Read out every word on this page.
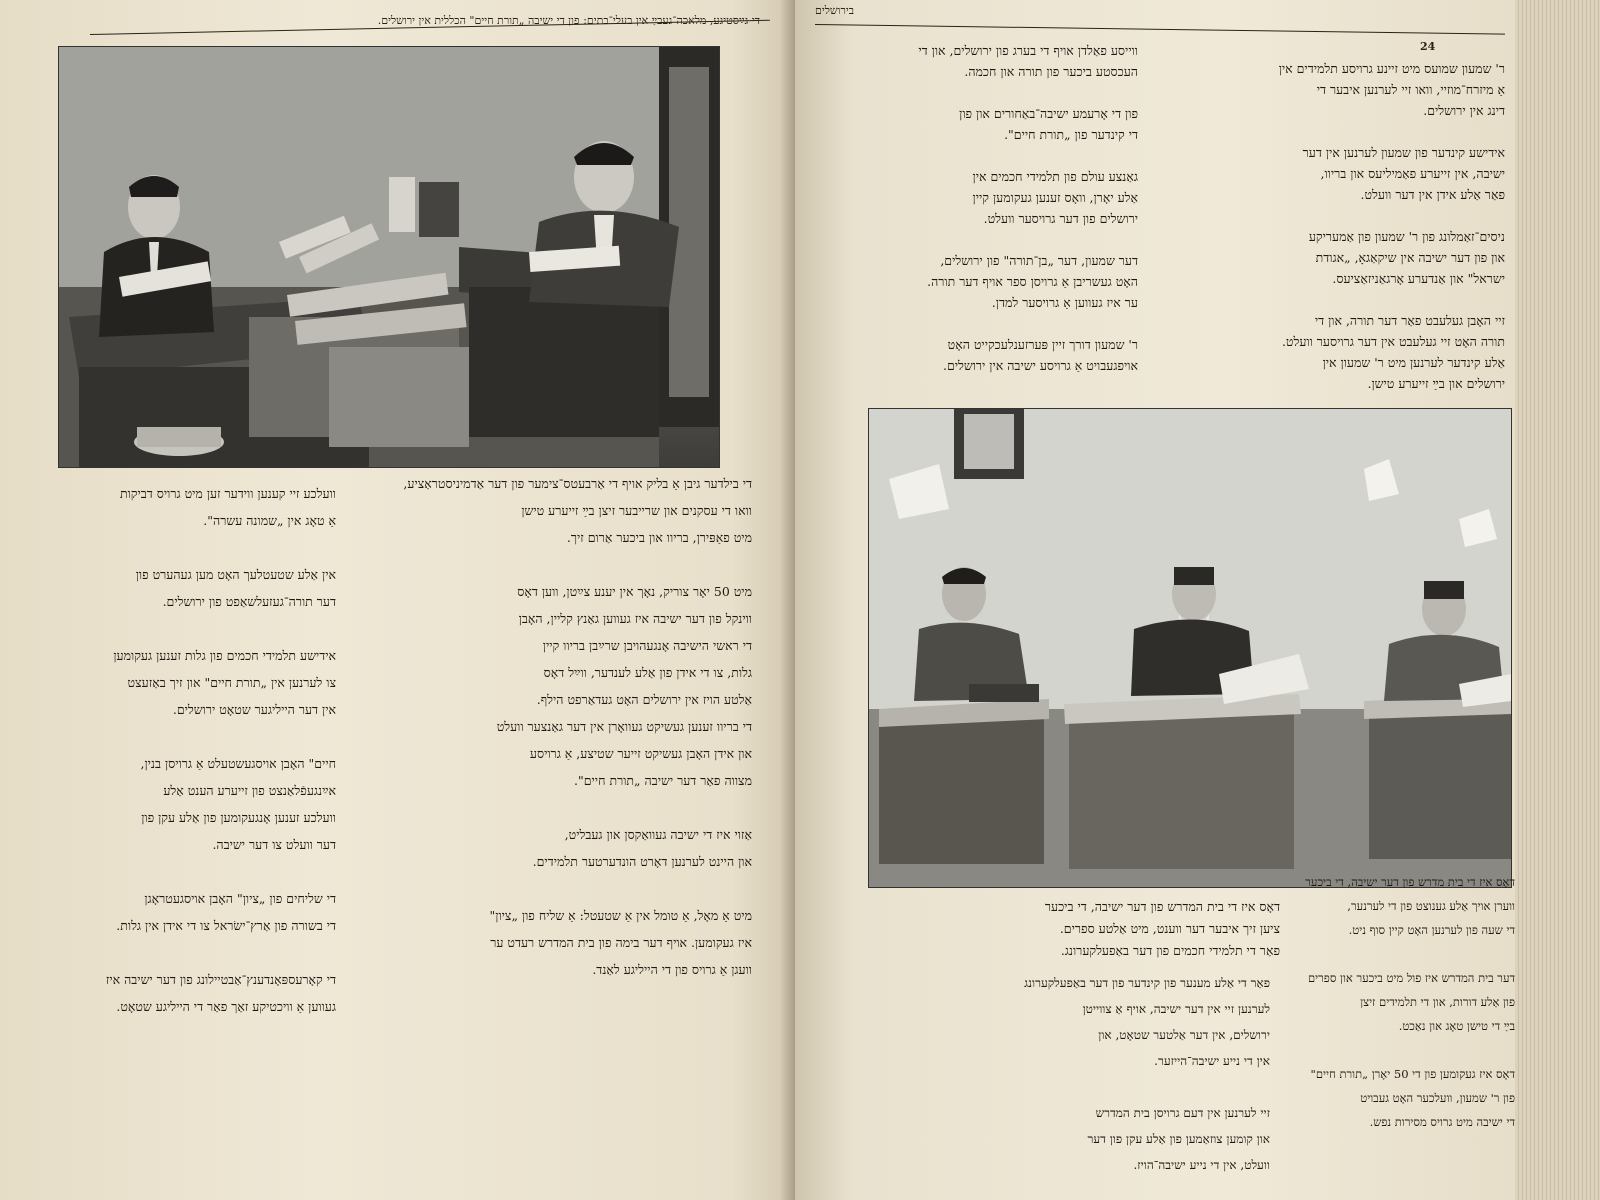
די גײַסטיגע, מלאכה־געבײַ אין בעלי־בתים: פון די ישיבה „תורת חיים" הכללית אין ירושלים.
די בילדער גיבן אַ בליק אויף די אַרבעטס־צימער פון דער אַדמיניסטראַציע,
וואו די עסקנים און שרייבער זיצן בײַ זייערע טישן
מיט פאַפּירן, בריוו און ביכער אַרום זיך.
מיט 50 יאָר צוריק, נאָך אין יענע צײַטן, ווען דאָס
ווינקל פון דער ישיבה איז געווען גאַנץ קליין, האָבן
די ראשי הישיבה אָנגעהויבן שרײַבן בריוו קיין
גלות, צו די אידן פון אַלע לענדער, ווײַל דאָס
אַלטע הויז אין ירושלים האָט געדאַרפט הילף.
די בריוו זענען געשיקט געוואָרן אין דער גאַנצער וועלט
און אידן האָבן געשיקט זייער שטיצע, אַ גרויסע
מצווה פאַר דער ישיבה „תורת חיים".
אַזוי איז די ישיבה געוואַקסן און געבליט,
און היינט לערנען דאָרט הונדערטער תלמידים.
מיט אַ מאָל, אַ טומל אין אַ שטעטל: אַ שליח פון „ציון"
איז געקומען. אויף דער בימה פון בית המדרש רעדט ער
וועגן אַ גרויס פון די הייליגע לאַנד.
וועלכע זיי קענען ווידער זען מיט גרויס דביקות
אַ טאָג אין „שמונה עשרה".
אין אַלע שטעטלעך האָט מען געהערט פון
דער תורה־געזעלשאַפט פון ירושלים.
אידישע תלמידי חכמים פון גלות זענען געקומען
צו לערנען אין „תורת חיים" און זיך באַזעצט
אין דער הייליגער שטאָט ירושלים.
חיים" האָבן אויסגעשטעלט אַ גרויסן בנין,
אײַנגעפֿלאַנצט פון זייערע הענט אַלע
וועלכע זענען אָנגעקומען פון אַלע עקן פון
דער וועלט צו דער ישיבה.
די שליחים פון „ציון" האָבן אויסגעטראָגן
די בשורה פון אַרץ־ישׂראל צו די אידן אין גלות.
די קאָרעספּאָנדענץ־אַבטיילונג פון דער ישיבה איז
געווען אַ וויכטיקע זאַך פאַר די הייליגע שטאָט.
בירושלים
24
ר' שמעון שמועס מיט זיינע גרויסע תלמידים אין
אַ מיזרח־מוזיי, וואו זיי לערנען איבער די
דינג אין ירושלים.
אידישע קינדער פון שמעון לערנען אין דער
ישיבה, אין זייערע פאַמיליעס און בריוו,
פאַר אַלע אידן אין דער וועלט.
ניסים־זאַמלונג פון ר' שמעון פון אַמעריקע
און פון דער ישיבה אין שיקאַגאָ, „אגודת
ישראל" און אַנדערע אָרגאַניזאַציעס.
זיי האָבן געלעבט פאַר דער תורה, און די
תורה האָט זיי געלעבט אין דער גרויסער וועלט.
אַלע קינדער לערנען מיט ר' שמעון אין
ירושלים און בײַ זייערע טישן.
ווייסע פאַלדן אויף די בערג פון ירושלים, און די
העכסטע ביכער פון תורה און חכמה.
פון די אָרעמע ישיבה־באַחורים און פון
די קינדער פון „תורת חיים".
גאַנצע עולם פון תלמידי חכמים אין
אַלע יאָרן, וואָס זענען געקומען קיין
ירושלים פון דער גרויסער וועלט.
דער שמעון, דער „בן־תורה" פון ירושלים,
האָט געשריבן אַ גרויסן ספר אויף דער תורה.
ער איז געווען אַ גרויסער למדן.
ר' שמעון דורך זיין פּערזענלעכקייט האָט
אויפגעבויט אַ גרויסע ישיבה אין ירושלים.
דאָס איז די בית המדרש פון דער ישיבה, די ביכער
ציען זיך איבער דער ווענט, מיט אַלטע ספרים.
פאַר די תלמידי חכמים פון דער באַפעלקערונג.
דאָס איז די בית מדרש פון דער ישיבה, די ביכער
ווערן אויך אַלע גענוצט פון די לערנער,
די שעה פון לערנען האָט קיין סוף ניט.
דער בית המדרש איז פול מיט ביכער און ספרים
פון אַלע דורות, און די תלמידים זיצן
בײַ די טישן טאָג און נאַכט.
דאָס איז געקומען פון די 50 יאָרן „תורת חיים"
פון ר' שמעון, וועלכער האָט געבויט
די ישיבה מיט גרויס מסירות נפש.
פאַר די אַלע מענער פון קינדער פון דער באַפעלקערונג
לערנען זיי אין דער ישיבה, אויף אַ צווייטן
ירושלים, אין דער אַלטער שטאָט, און
אין די נייע ישיבה־הייזער.
זיי לערנען אין דעם גרויסן בית המדרש
און קומען צוזאַמען פון אַלע עקן פון דער
וועלט, אין די נייע ישיבה־הויז.
